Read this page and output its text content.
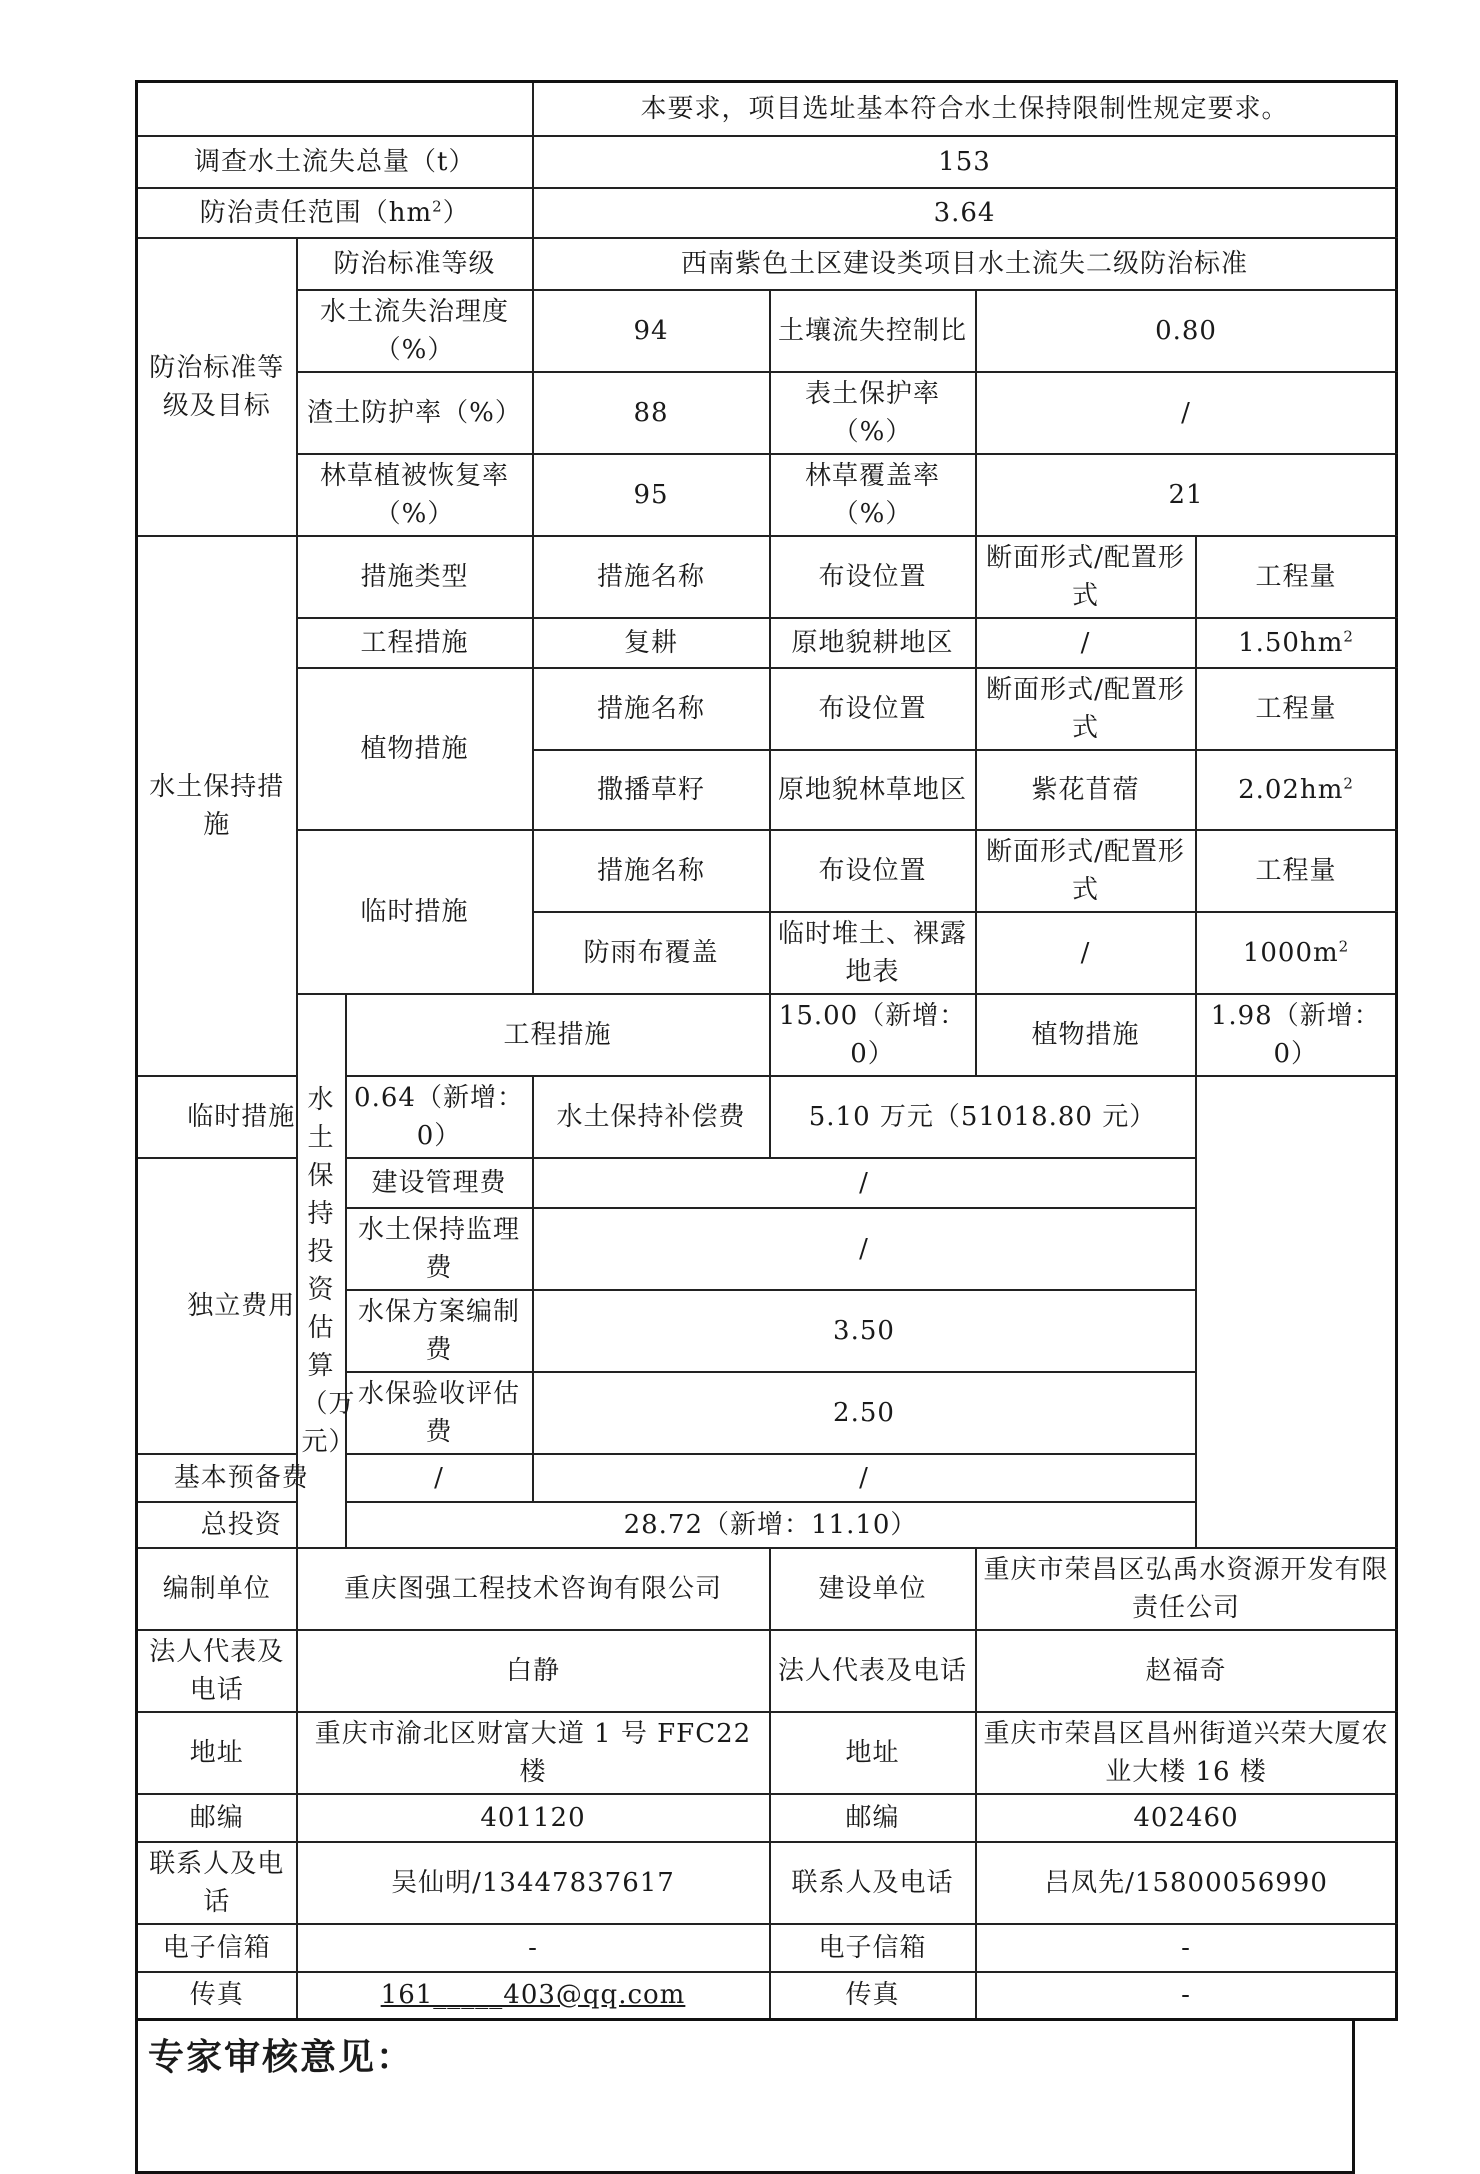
			本要求，项目选址基本符合水土保持限制性规定要求。			
调查水土流失总量（t）			153			
防治责任范围$(hm^2)$			3.64			
防治标准等级及目标	防治标准等级		西南紫色土区建设类项目水土流失二级防治标准			
	水土流失治理度（%）		94	土壤流失控制比	0.80	
	渣土防护率（%）		88	表土保护率（%）	/	
	林草植被恢复率（%）		95	林草覆盖率（%）	21	
水土保持措施	措施类型		措施名称	布设位置	断面形式/配置形式	工程量
	工程措施		复耕	原地貌耕地区	/	$1.50hm^2$
	植物措施		措施名称	布设位置	断面形式/配置形式	工程量
			撒播草籽	原地貌林草地区	紫花苜蓿	$2.02hm^2$
	临时措施		措施名称	布设位置	断面形式/配置形式	工程量
			防雨布覆盖	临时堆土、裸露地表	/	$1000m^2$
	水土保持投资估算（万元）	工程措施		15.00（新增：0）	植物措施	1.98（新增：0）
临时措施		0.64（新增：0）	水土保持补偿费	5.10 万元（51018.80 元）		
独立费用		建设管理费	/			
		水土保持监理费	/			
		水保方案编制费	3.50			
		水保验收评估费	2.50			
基本预备费		/	/			
总投资		28.72（新增：11.10）				
编制单位	重庆图强工程技术咨询有限公司			建设单位	重庆市荣昌区弘禹水资源开发有限责任公司	
法人代表及电话	白静			法人代表及电话	赵福奇	
地址	重庆市渝北区财富大道 1 号 FFC22 楼			地址	重庆市荣昌区昌州街道兴荣大厦农业大楼 16 楼	
邮编	401120			邮编	402460	
联系人及电话	吴仙明/13447837617			联系人及电话	吕凤先/15800056990	
电子信箱	-			电子信箱	-	
传真	161_____403@qq.com			传真	-	
专家审核意见：
